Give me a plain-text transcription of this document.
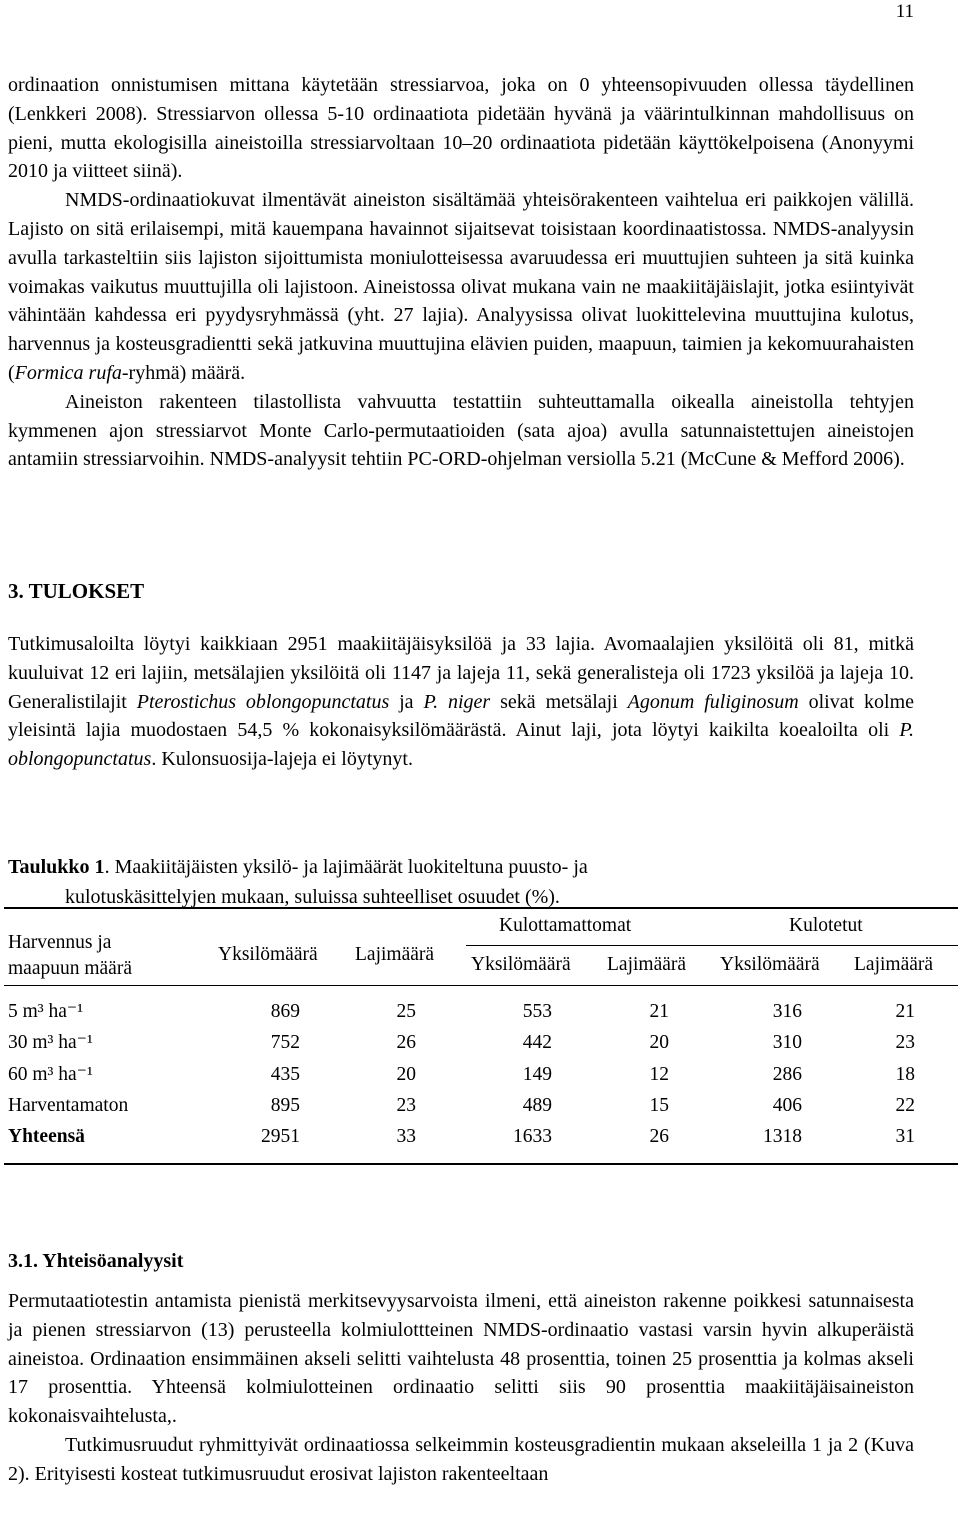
11

ordinaation onnistumisen mittana käytetään stressiarvoa, joka on 0 yhteensopivuuden ollessa täydellinen (Lenkkeri 2008). Stressiarvon ollessa 5-10 ordinaatiota pidetään hyvänä ja väärintulkinnan mahdollisuus on pieni, mutta ekologisilla aineistoilla stressiarvoltaan 10–20 ordinaatiota pidetään käyttökelpoisena (Anonyymi 2010 ja viitteet siinä).
NMDS-ordinaatiokuvat ilmentävät aineiston sisältämää yhteisörakenteen vaihtelua eri paikkojen välillä. Lajisto on sitä erilaisempi, mitä kauempana havainnot sijaitsevat toisistaan koordinaatistossa. NMDS-analyysin avulla tarkasteltiin siis lajiston sijoittumista moniulotteisessa avaruudessa eri muuttujien suhteen ja sitä kuinka voimakas vaikutus muuttujilla oli lajistoon. Aineistossa olivat mukana vain ne maakiitäjäislajit, jotka esiintyivät vähintään kahdessa eri pyydysryhmässä (yht. 27 lajia). Analyysissa olivat luokittelevina muuttujina kulotus, harvennus ja kosteusgradientti sekä jatkuvina muuttujina elävien puiden, maapuun, taimien ja kekomuurahaisten (Formica rufa-ryhmä) määrä.
Aineiston rakenteen tilastollista vahvuutta testattiin suhteuttamalla oikealla aineistolla tehtyjen kymmenen ajon stressiarvot Monte Carlo-permutaatioiden (sata ajoa) avulla satunnaistettujen aineistojen antamiin stressiarvoihin. NMDS-analyysit tehtiin PC-ORD-ohjelman versiolla 5.21 (McCune & Mefford 2006).

3. TULOKSET

Tutkimusaloilta löytyi kaikkiaan 2951 maakiitäjäisyksilöä ja 33 lajia. Avomaalajien yksilöitä oli 81, mitkä kuuluivat 12 eri lajiin, metsälajien yksilöitä oli 1147 ja lajeja 11, sekä generalisteja oli 1723 yksilöä ja lajeja 10. Generalistilajit Pterostichus oblongopunctatus ja P. niger sekä metsälaji Agonum fuliginosum olivat kolme yleisintä lajia muodostaen 54,5 % kokonaisyksilömäärästä. Ainut laji, jota löytyi kaikilta koealoilta oli P. oblongopunctatus. Kulonsuosija-lajeja ei löytynyt.

Taulukko 1. Maakiitäjäisten yksilö- ja lajimäärät luokiteltuna puusto- ja
kulotuskäsittelyjen mukaan, suluissa suhteelliset osuudet (%).

Kulottamattomat	Kulotetut
Harvennus ja
maapuun määrä
Yksilömäärä Lajimäärä Yksilömäärä Lajimäärä Yksilömäärä Lajimäärä
5 m³ ha⁻¹	869	25	553	21	316	21
30 m³ ha⁻¹	752	26	442	20	310	23
60 m³ ha⁻¹	435	20	149	12	286	18
Harventamaton	895	23	489	15	406	22
Yhteensä	2951	33	1633	26	1318	31
3.1. Yhteisöanalyysit

Permutaatiotestin antamista pienistä merkitsevyysarvoista ilmeni, että aineiston rakenne poikkesi satunnaisesta ja pienen stressiarvon (13) perusteella kolmiulottteinen NMDS-ordinaatio vastasi varsin hyvin alkuperäistä aineistoa. Ordinaation ensimmäinen akseli selitti vaihtelusta 48 prosenttia, toinen 25 prosenttia ja kolmas akseli 17 prosenttia. Yhteensä kolmiulotteinen ordinaatio selitti siis 90 prosenttia maakiitäjäisaineiston kokonaisvaihtelusta,.
Tutkimusruudut ryhmittyivät ordinaatiossa selkeimmin kosteusgradientin mukaan akseleilla 1 ja 2 (Kuva 2). Erityisesti kosteat tutkimusruudut erosivat lajiston rakenteeltaan
